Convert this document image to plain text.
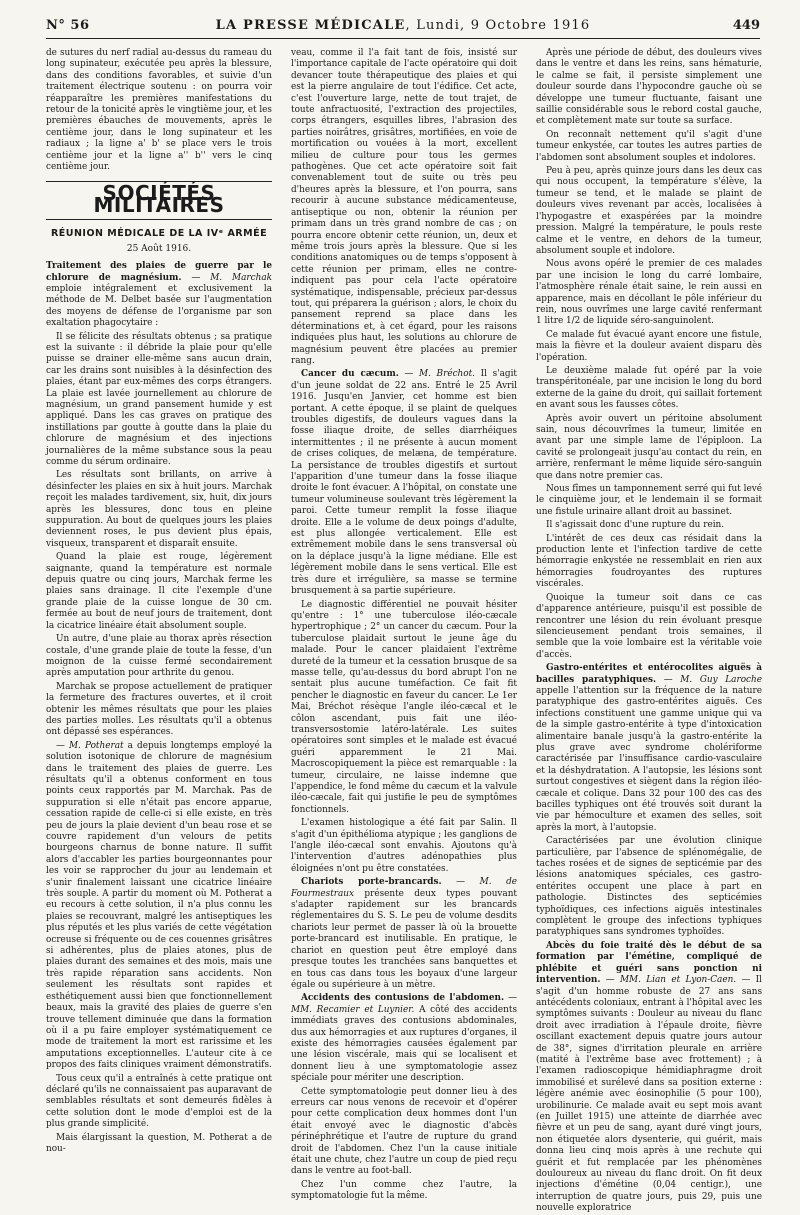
N° 56	LA PRESSE MÉDICALE, Lundi, 9 Octobre 1916	449

de sutures du nerf radial au-dessus du rameau du long supinateur, exécutée peu après la blessure, dans des conditions favorables, et suivie d'un traitement électrique soutenu : on pourra voir réapparaître les premières manifestations du retour de la tonicité après le vingtième jour, et les premières ébauches de mouvements, après le centième jour, dans le long supinateur et les radiaux ; la ligne a' b' se place vers le trois centième jour et la ligne a'' b'' vers le cinq centième jour.

SOCIÉTÉS MILITAIRES
RÉUNION MÉDICALE DE LA IVᵉ ARMÉE
25 Août 1916.

Traitement des plaies de guerre par le chlorure de magnésium. — M. Marchak emploie intégralement et exclusivement la méthode de M. Delbet basée sur l'augmentation des moyens de défense de l'organisme par son exaltation phagocytaire :

Il se félicite des résultats obtenus ; sa pratique est la suivante : il débride la plaie pour qu'elle puisse se drainer elle-même sans aucun drain, car les drains sont nuisibles à la désinfection des plaies, étant par eux-mêmes des corps étrangers. La plaie est lavée journellement au chlorure de magnésium, un grand pansement humide y est appliqué. Dans les cas graves on pratique des instillations par goutte à goutte dans la plaie du chlorure de magnésium et des injections journalières de la même substance sous la peau comme du sérum ordinaire.

Les résultats sont brillants, on arrive à désinfecter les plaies en six à huit jours. Marchak reçoit les malades tardivement, six, huit, dix jours après les blessures, donc tous en pleine suppuration. Au bout de quelques jours les plaies deviennent roses, le pus devient plus épais, visqueux, transparent et disparaît ensuite.

Quand la plaie est rouge, légèrement saignante, quand la température est normale depuis quatre ou cinq jours, Marchak ferme les plaies sans drainage. Il cite l'exemple d'une grande plaie de la cuisse longue de 30 cm. fermée au bout de neuf jours de traitement, dont la cicatrice linéaire était absolument souple.

Un autre, d'une plaie au thorax après résection costale, d'une grande plaie de toute la fesse, d'un moignon de la cuisse fermé secondairement après amputation pour arthrite du genou.

Marchak se propose actuellement de pratiquer la fermeture des fractures ouvertes, et il croit obtenir les mêmes résultats que pour les plaies des parties molles. Les résultats qu'il a obtenus ont dépassé ses espérances.

— M. Potherat a depuis longtemps employé la solution isotonique de chlorure de magnésium dans le traitement des plaies de guerre. Les résultats qu'il a obtenus conforment en tous points ceux rapportés par M. Marchak. Pas de suppuration si elle n'était pas encore apparue, cessation rapide de celle-ci si elle existe, en très peu de jours la plaie devient d'un beau rose et se couvre rapidement d'un velours de petits bourgeons charnus de bonne nature. Il suffit alors d'accabler les parties bourgeonnantes pour les voir se rapprocher du jour au lendemain et s'unir finalement laissant une cicatrice linéaire très souple. A partir du moment où M. Potherat a eu recours à cette solution, il n'a plus connu les plaies se recouvrant, malgré les antiseptiques les plus réputés et les plus variés de cette végétation ocreuse si fréquente ou de ces couennes grisâtres si adhérentes, plus de plaies atones, plus de plaies durant des semaines et des mois, mais une très rapide réparation sans accidents. Non seulement les résultats sont rapides et esthétiquement aussi bien que fonctionnellement beaux, mais la gravité des plaies de guerre s'en trouve tellement diminuée que dans la formation où il a pu faire employer systématiquement ce mode de traitement la mort est rarissime et les amputations exceptionnelles. L'auteur cite à ce propos des faits cliniques vraiment démonstratifs.

Tous ceux qu'il a entraînés à cette pratique ont déclaré qu'ils ne connaissaient pas auparavant de semblables résultats et sont demeurés fidèles à cette solution dont le mode d'emploi est de la plus grande simplicité.

Mais élargissant la question, M. Potherat a de nou-

veau, comme il l'a fait tant de fois, insisté sur l'importance capitale de l'acte opératoire qui doit devancer toute thérapeutique des plaies et qui est la pierre angulaire de tout l'édifice. Cet acte, c'est l'ouverture large, nette de tout trajet, de toute anfractuosité, l'extraction des projectiles, corps étrangers, esquilles libres, l'abrasion des parties noirâtres, grisâtres, mortifiées, en voie de mortification ou vouées à la mort, excellent milieu de culture pour tous les germes pathogènes. Que cet acte opératoire soit fait convenablement tout de suite ou très peu d'heures après la blessure, et l'on pourra, sans recourir à aucune substance médicamenteuse, antiseptique ou non, obtenir la réunion per primam dans un très grand nombre de cas ; on pourra encore obtenir cette réunion, un, deux et même trois jours après la blessure. Que si les conditions anatomiques ou de temps s'opposent à cette réunion per primam, elles ne contre-indiquent pas pour cela l'acte opératoire systématique, indispensable, précieux par-dessus tout, qui préparera la guérison ; alors, le choix du pansement reprend sa place dans les déterminations et, à cet égard, pour les raisons indiquées plus haut, les solutions au chlorure de magnésium peuvent être placées au premier rang.

Cancer du cæcum. — M. Bréchot. Il s'agit d'un jeune soldat de 22 ans. Entré le 25 Avril 1916. Jusqu'en Janvier, cet homme est bien portant. A cette époque, il se plaint de quelques troubles digestifs, de douleurs vagues dans la fosse iliaque droite, de selles diarrhéiques intermittentes ; il ne présente à aucun moment de crises coliques, de melæna, de température. La persistance de troubles digestifs et surtout l'apparition d'une tumeur dans la fosse iliaque droite le font évacuer. A l'hôpital, on constate une tumeur volumineuse soulevant très légèrement la paroi. Cette tumeur remplit la fosse iliaque droite. Elle a le volume de deux poings d'adulte, est plus allongée verticalement. Elle est extrêmement mobile dans le sens transversal où on la déplace jusqu'à la ligne médiane. Elle est légèrement mobile dans le sens vertical. Elle est très dure et irrégulière, sa masse se termine brusquement à sa partie supérieure.

Le diagnostic différentiel ne pouvait hésiter qu'entre : 1° une tuberculose iléo-cæcale hypertrophique ; 2° un cancer du cæcum. Pour la tuberculose plaidait surtout le jeune âge du malade. Pour le cancer plaidaient l'extrême dureté de la tumeur et la cessation brusque de sa masse telle, qu'au-dessus du bord abrupt l'on ne sentait plus aucune tuméfaction. Ce fait fit pencher le diagnostic en faveur du cancer. Le 1er Mai, Bréchot résèque l'angle iléo-cæcal et le côlon ascendant, puis fait une iléo-transversostomie latéro-latérale. Les suites opératoires sont simples et le malade est évacué guéri apparemment le 21 Mai. Macroscopiquement la pièce est remarquable : la tumeur, circulaire, ne laisse indemne que l'appendice, le fond même du cæcum et la valvule iléo-cæcale, fait qui justifie le peu de symptômes fonctionnels.

L'examen histologique a été fait par Salin. Il s'agit d'un épithélioma atypique ; les ganglions de l'angle iléo-cæcal sont envahis. Ajoutons qu'à l'intervention d'autres adénopathies plus éloignées n'ont pu être constatées.

Chariots porte-brancards. — M. de Fourmestraux présente deux types pouvant s'adapter rapidement sur les brancards réglementaires du S. S. Le peu de volume desdits chariots leur permet de passer là où la brouette porte-brancard est inutilisable. En pratique, le chariot en question peut être employé dans presque toutes les tranchées sans banquettes et en tous cas dans tous les boyaux d'une largeur égale ou supérieure à un mètre.

Accidents des contusions de l'abdomen. — MM. Recamier et Luynier. A côté des accidents immédiats graves des contusions abdominales, dus aux hémorragies et aux ruptures d'organes, il existe des hémorragies causées également par une lésion viscérale, mais qui se localisent et donnent lieu à une symptomatologie assez spéciale pour mériter une description.

Cette symptomatologie peut donner lieu à des erreurs car nous venons de recevoir et d'opérer pour cette complication deux hommes dont l'un était envoyé avec le diagnostic d'abcès périnéphrétique et l'autre de rupture du grand droit de l'abdomen. Chez l'un la cause initiale était une chute, chez l'autre un coup de pied reçu dans le ventre au foot-ball.

Chez l'un comme chez l'autre, la symptomatologie fut la même.

Après une période de début, des douleurs vives dans le ventre et dans les reins, sans hématurie, le calme se fait, il persiste simplement une douleur sourde dans l'hypocondre gauche où se développe une tumeur fluctuante, faisant une saillie considérable sous le rebord costal gauche, et complètement mate sur toute sa surface.

On reconnaît nettement qu'il s'agit d'une tumeur enkystée, car toutes les autres parties de l'abdomen sont absolument souples et indolores.

Peu à peu, après quinze jours dans les deux cas qui nous occupent, la température s'élève, la tumeur se tend, et le malade se plaint de douleurs vives revenant par accès, localisées à l'hypogastre et exaspérées par la moindre pression. Malgré la température, le pouls reste calme et le ventre, en dehors de la tumeur, absolument souple et indolore.

Nous avons opéré le premier de ces malades par une incision le long du carré lombaire, l'atmosphère rénale était saine, le rein aussi en apparence, mais en décollant le pôle inférieur du rein, nous ouvrîmes une large cavité renfermant 1 litre 1/2 de liquide séro-sanguinolent.

Ce malade fut évacué ayant encore une fistule, mais la fièvre et la douleur avaient disparu dès l'opération.

Le deuxième malade fut opéré par la voie transpéritonéale, par une incision le long du bord externe de la gaine du droit, qui saillait fortement en avant sous les fausses côtes.

Après avoir ouvert un péritoine absolument sain, nous découvrîmes la tumeur, limitée en avant par une simple lame de l'épiploon. La cavité se prolongeait jusqu'au contact du rein, en arrière, renfermant le même liquide séro-sanguin que dans notre premier cas.

Nous fîmes un tamponnement serré qui fut levé le cinquième jour, et le lendemain il se formait une fistule urinaire allant droit au bassinet.

Il s'agissait donc d'une rupture du rein.

L'intérêt de ces deux cas résidait dans la production lente et l'infection tardive de cette hémorragie enkystée ne ressemblait en rien aux hémorragies foudroyantes des ruptures viscérales.

Quoique la tumeur soit dans ce cas d'apparence antérieure, puisqu'il est possible de rencontrer une lésion du rein évoluant presque silencieusement pendant trois semaines, il semble que la voie lombaire est la véritable voie d'accès.

Gastro-entérites et entérocolites aiguës à bacilles paratyphiques. — M. Guy Laroche appelle l'attention sur la fréquence de la nature paratyphique des gastro-entérites aiguës. Ces infections constituent une gamme unique qui va de la simple gastro-entérite à type d'intoxication alimentaire banale jusqu'à la gastro-entérite la plus grave avec syndrome cholériforme caractérisée par l'insuffisance cardio-vasculaire et la déshydratation. A l'autopsie, les lésions sont surtout congestives et siègent dans la région iléo-cæcale et colique. Dans 32 pour 100 des cas des bacilles typhiques ont été trouvés soit durant la vie par hémoculture et examen des selles, soit après la mort, à l'autopsie.

Caractérisées par une évolution clinique particulière, par l'absence de splénomégalie, de taches rosées et de signes de septicémie par des lésions anatomiques spéciales, ces gastro-entérites occupent une place à part en pathologie. Distinctes des septicémies typhoïdiques, ces infections aiguës intestinales complètent le groupe des infections typhiques paratyphiques sans syndromes typhoïdes.

Abcès du foie traité dès le début de sa formation par l'émétine, compliqué de phlébite et guéri sans ponction ni intervention. — MM. Lian et Lyon-Caen. — Il s'agit d'un homme robuste de 27 ans sans antécédents coloniaux, entrant à l'hôpital avec les symptômes suivants : Douleur au niveau du flanc droit avec irradiation à l'épaule droite, fièvre oscillant exactement depuis quatre jours autour de 38°, signes d'irritation pleurale en arrière (matité à l'extrême base avec frottement) ; à l'examen radioscopique hémidiaphragme droit immobilisé et surélevé dans sa position externe : légère anémie avec éosinophilie (5 pour 100), urobilinurie. Ce malade avait eu sept mois avant (en Juillet 1915) une atteinte de diarrhée avec fièvre et un peu de sang, ayant duré vingt jours, non étiquetée alors dysenterie, qui guérit, mais donna lieu cinq mois après à une rechute qui guérit et fut remplacée par les phénomènes douloureux au niveau du flanc droit. On fit deux injections d'émétine (0,04 centigr.), une interruption de quatre jours, puis 29, puis une nouvelle exploratrice
